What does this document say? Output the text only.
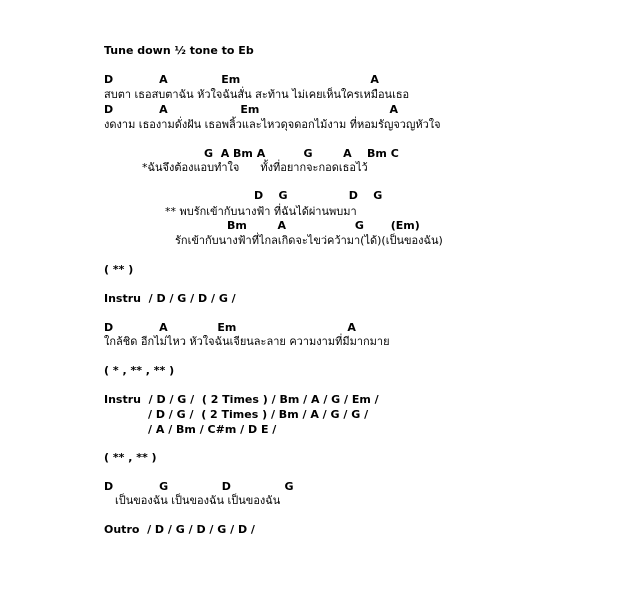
Tune down ½ tone to Eb
D            A              Em                                  A
สบตา เธอสบตาฉัน หัวใจฉันสั่น สะท้าน ไม่เคยเห็นใครเหมือนเธอ
D            A                   Em                                  A
งดงาม เธองามดั่งฝัน เธอพลิ้วและไหวดุจดอกไม้งาม ที่หอมรัญจวญหัวใจ
G  A Bm A          G        A    Bm C
*ฉันจึงต้องแอบทำใจ      ทั้งที่อยากจะกอดเธอไว้
D    G                D    G
** พบรักเข้ากับนางฟ้า ที่ฉันได้ผ่านพบมา
Bm        A                  G       (Em)
รักเข้ากับนางฟ้าที่ไกลเกิดจะไขว่คว้ามา(ได้)(เป็นของฉัน)
( ** )
Instru  / D / G / D / G /
D            A             Em                             A
ใกล้ชิด อีกไม่ไหว หัวใจฉันเจียนละลาย ความงามที่มีมากมาย
( * , ** , ** )
Instru  / D / G /  ( 2 Times ) / Bm / A / G / Em /
/ D / G /  ( 2 Times ) / Bm / A / G / G /
/ A / Bm / C#m / D E /
( ** , ** )
D            G              D              G
เป็นของฉัน เป็นของฉัน เป็นของฉัน
Outro  / D / G / D / G / D /
